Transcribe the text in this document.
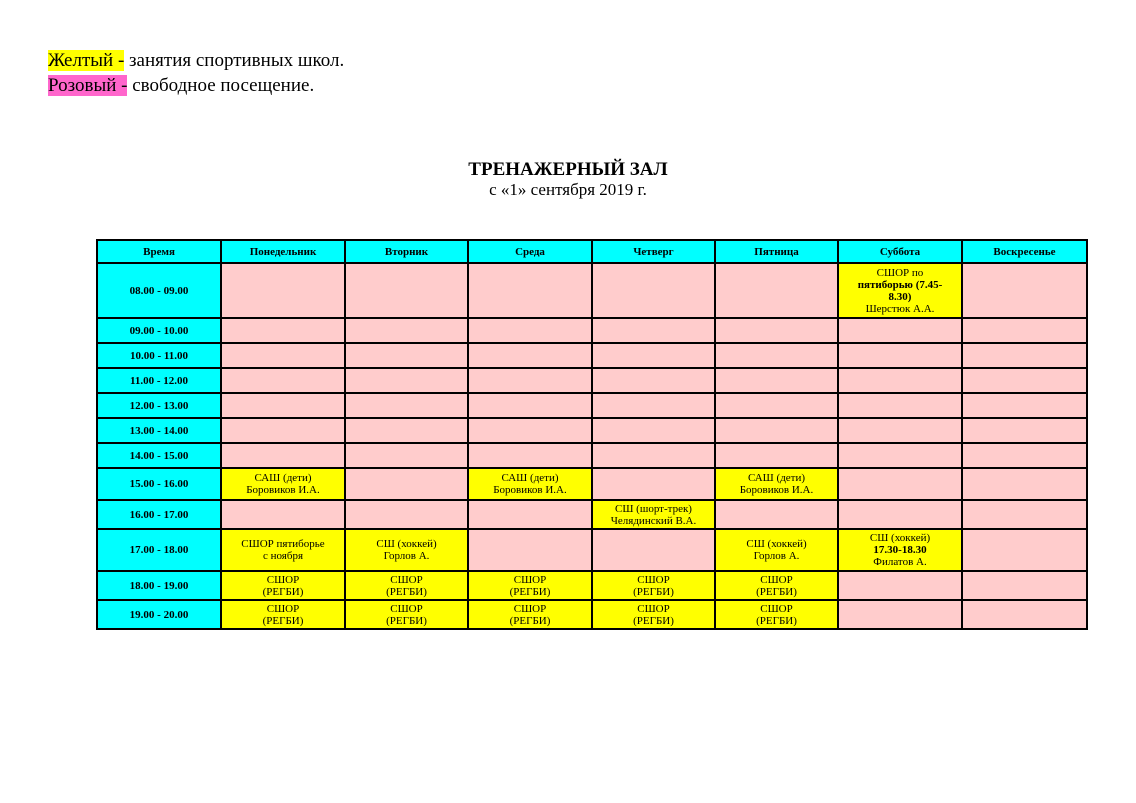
Желтый - занятия спортивных школ.
Розовый - свободное посещение.
ТРЕНАЖЕРНЫЙ ЗАЛ
с «1» сентября 2019 г.
Время	Понедельник	Вторник	Среда	Четверг	Пятница	Суббота	Воскресенье
08.00 - 09.00						СШОР по
пятиборью (7.45-
8.30)
Шерстюк А.А.	

09.00 - 10.00							
10.00 - 11.00							
11.00 - 12.00							
12.00 - 13.00							
13.00 - 14.00							
14.00 - 15.00							
15.00 - 16.00	САШ (дети)
Боровиков И.А.		САШ (дети)
Боровиков И.А.		САШ (дети)
Боровиков И.А.		

16.00 - 17.00				СШ (шорт-трек)
Челядинский В.А.			

17.00 - 18.00	СШОР пятиборье
с ноября	СШ (хоккей)
Горлов А.			СШ (хоккей)
Горлов А.	СШ (хоккей)
17.30-18.30
Филатов А.	

18.00 - 19.00	СШОР
(РЕГБИ)	СШОР
(РЕГБИ)	СШОР
(РЕГБИ)	СШОР
(РЕГБИ)	СШОР
(РЕГБИ)		

19.00 - 20.00	СШОР
(РЕГБИ)	СШОР
(РЕГБИ)	СШОР
(РЕГБИ)	СШОР
(РЕГБИ)	СШОР
(РЕГБИ)		
